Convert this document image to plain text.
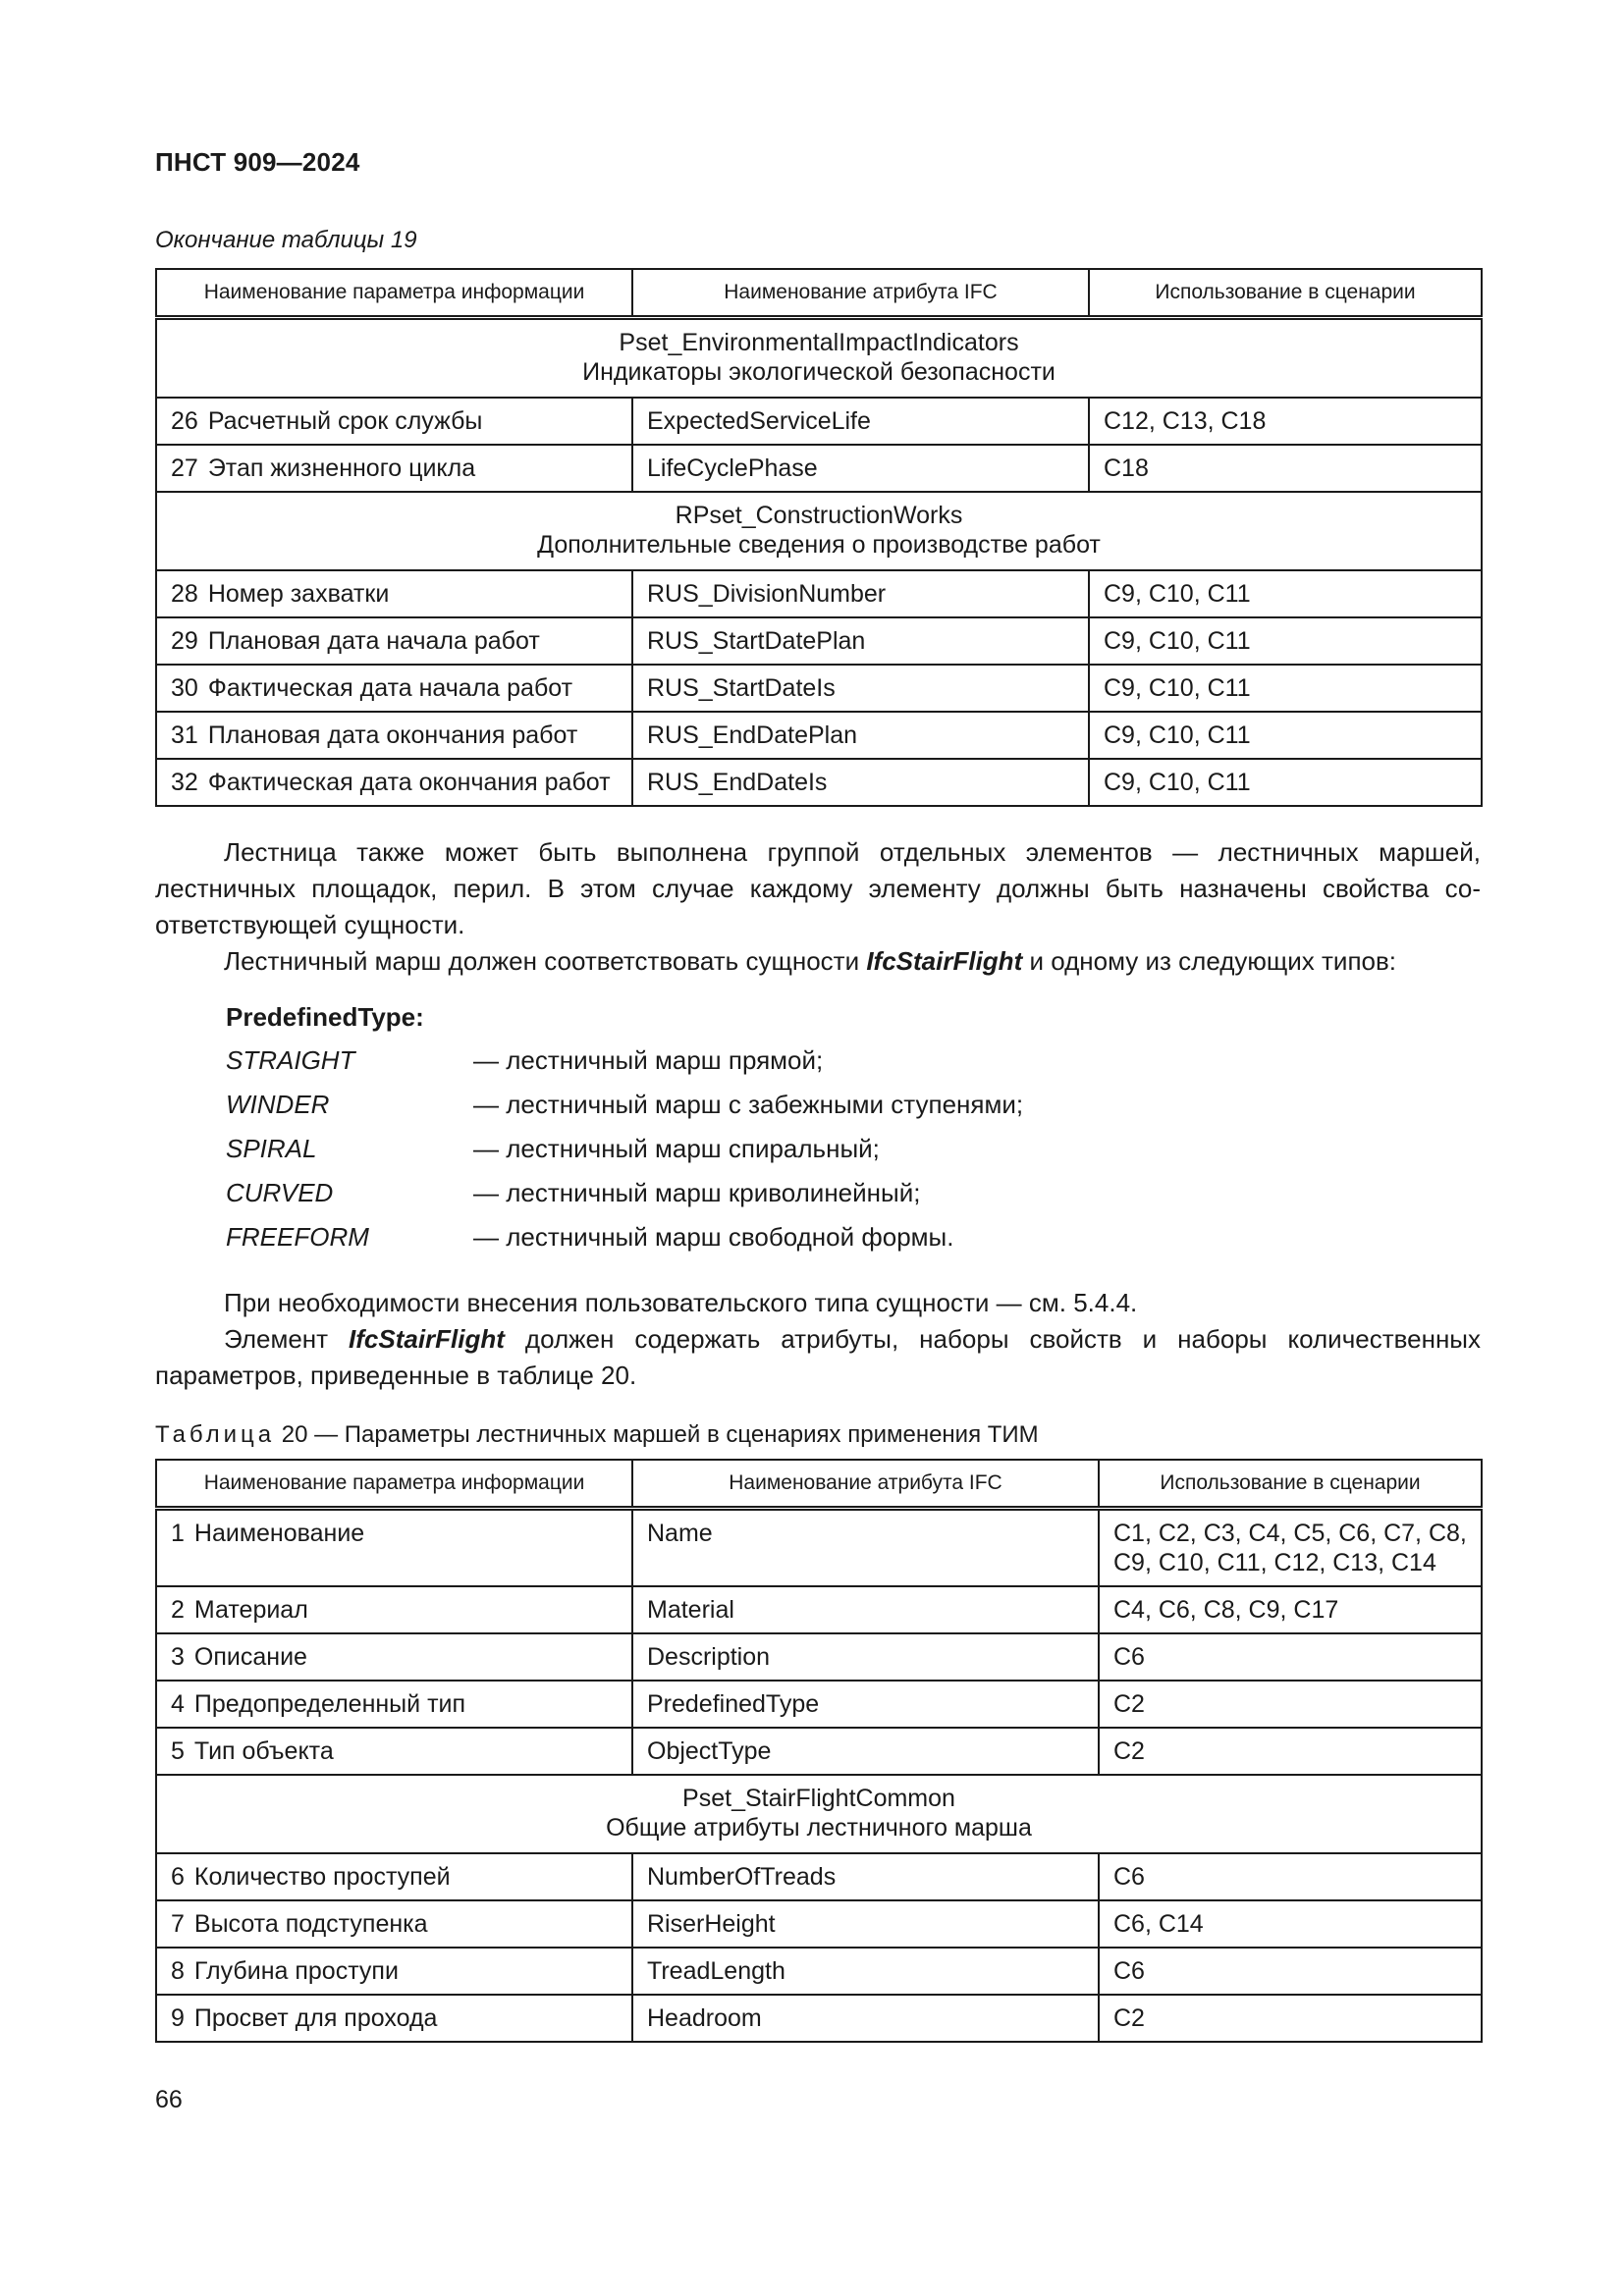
ПНСТ 909—2024
Окончание таблицы 19
Наименование параметра информации	Наименование атрибута IFC	Использование в сценарии

Pset_EnvironmentalImpactIndicators
Индикаторы экологической безопасности		

26 Расчетный срок службы	ExpectedServiceLife	С12, С13, С18
27 Этап жизненного цикла	LifeCyclePhase	С18

RPset_ConstructionWorks
Дополнительные сведения о производстве работ		

28 Номер захватки	RUS_DivisionNumber	С9, С10, С11
29 Плановая дата начала работ	RUS_StartDatePlan	С9, С10, С11
30 Фактическая дата начала работ	RUS_StartDateIs	С9, С10, С11
31 Плановая дата окончания работ	RUS_EndDatePlan	С9, С10, С11
32 Фактическая дата окончания работ	RUS_EndDateIs	С9, С10, С11

Лестница также может быть выполнена группой отдельных элементов — лестничных маршей, лестничных площадок, перил. В этом случае каждому элементу должны быть назначены свойства со-ответствующей сущности.

Лестничный марш должен соответствовать сущности IfcStairFlight и одному из следующих типов:

PredefinedType:
STRAIGHT	— лестничный марш прямой;
WINDER	— лестничный марш с забежными ступенями;
SPIRAL	— лестничный марш спиральный;
CURVED	— лестничный марш криволинейный;
FREEFORM	— лестничный марш свободной формы.

При необходимости внесения пользовательского типа сущности — см. 5.4.4.

Элемент IfcStairFlight должен содержать атрибуты, наборы свойств и наборы количественных параметров, приведенные в таблице 20.

Таблица 20 — Параметры лестничных маршей в сценариях применения ТИМ
Наименование параметра информации	Наименование атрибута IFC	Использование в сценарии
1 Наименование	Name	С1, С2, С3, С4, С5, С6, С7, С8, С9, С10, С11, С12, С13, С14
2 Материал	Material	С4, С6, С8, С9, С17
3 Описание	Description	С6
4 Предопределенный тип	PredefinedType	С2
5 Тип объекта	ObjectType	С2

Pset_StairFlightCommon
Общие атрибуты лестничного марша		

6 Количество проступей	NumberOfTreads	С6
7 Высота подступенка	RiserHeight	С6, С14
8 Глубина проступи	TreadLength	С6
9 Просвет для прохода	Headroom	С2
66
